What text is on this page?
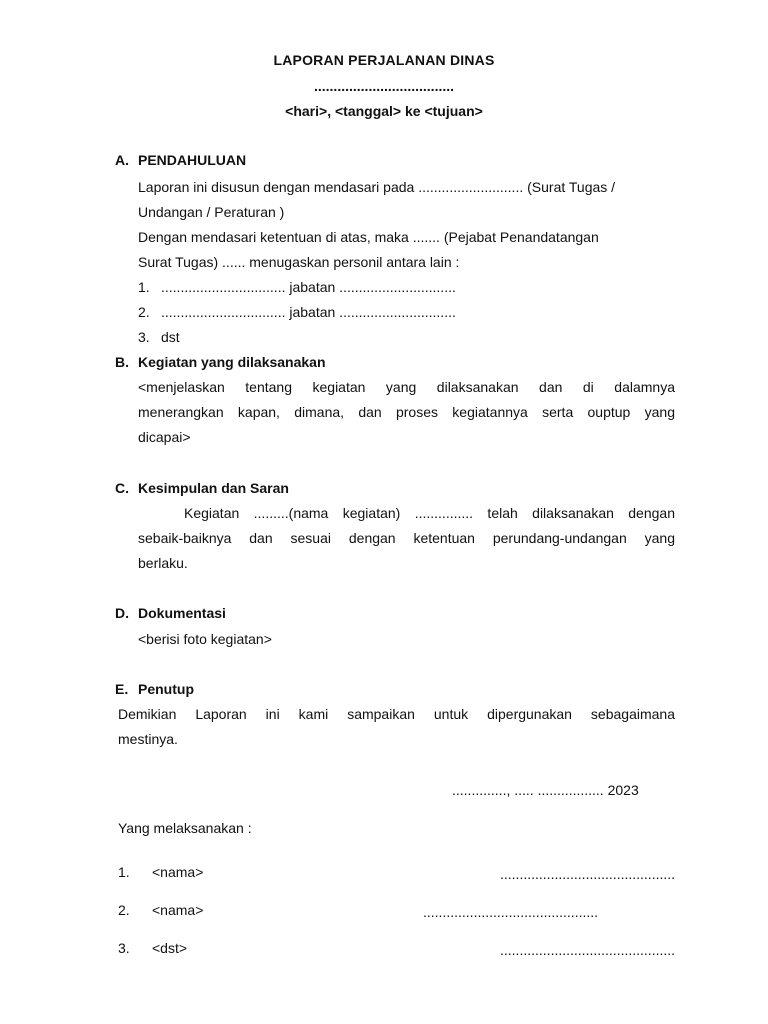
LAPORAN PERJALANAN DINAS
....................................
<hari>, <tanggal> ke <tujuan>
A. PENDAHULUAN
Laporan ini disusun dengan mendasari pada ........................... (Surat Tugas /
Undangan / Peraturan )
Dengan mendasari ketentuan di atas, maka ....... (Pejabat Penandatangan
Surat Tugas) ...... menugaskan personil antara lain :
1. ................................ jabatan ..............................
2. ................................ jabatan ..............................
3. dst
B. Kegiatan yang dilaksanakan
<menjelaskan tentang kegiatan yang dilaksanakan dan di dalamnya
menerangkan kapan, dimana, dan proses kegiatannya serta ouptup yang
dicapai>
C. Kesimpulan dan Saran
Kegiatan .........(nama kegiatan) ............... telah dilaksanakan dengan
sebaik-baiknya dan sesuai dengan ketentuan perundang-undangan yang
berlaku.
D. Dokumentasi
<berisi foto kegiatan>
E. Penutup
Demikian Laporan ini kami sampaikan untuk dipergunakan sebagaimana
mestinya.
.............., ..... ................. 2023
Yang melaksanakan :
1. <nama>	.............................................
2. <nama>	.............................................
3. <dst>	.............................................
